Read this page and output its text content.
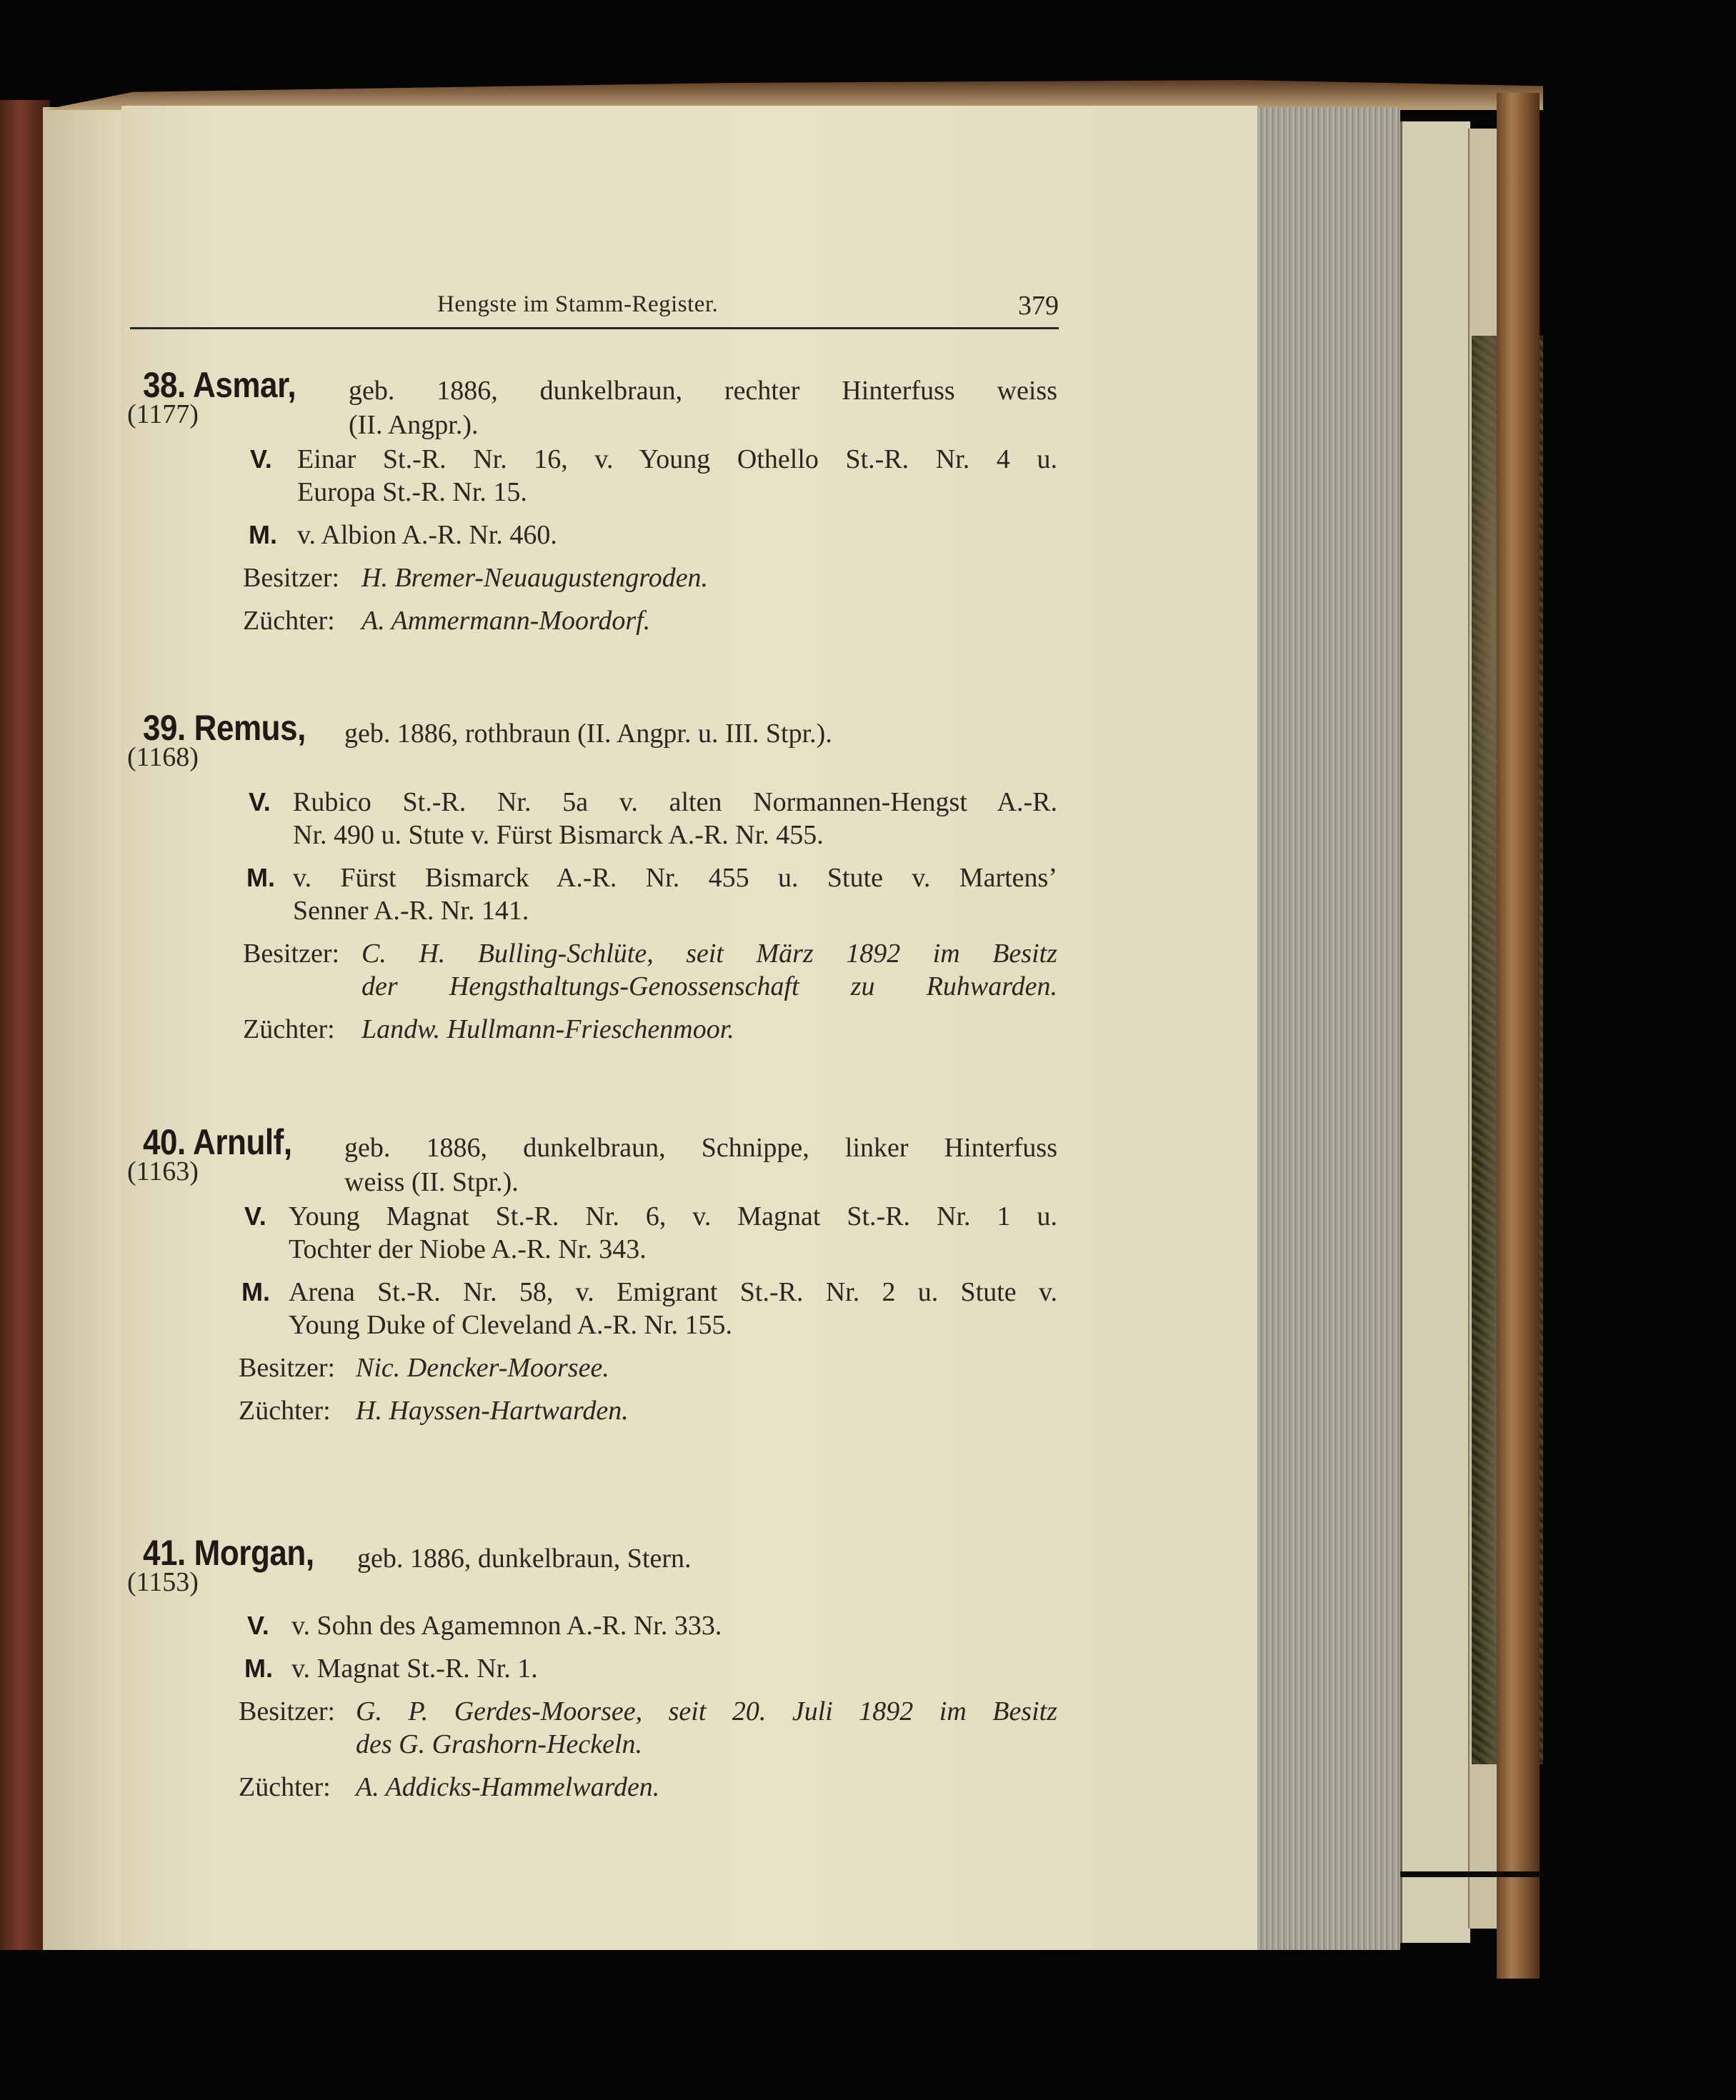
Hengste im Stamm-Register.	379
38. Asmar,
(1177)
geb. 1886, dunkelbraun, rechter Hinterfuss weiss
(II. Angpr.).
V. Einar St.-R. Nr. 16, v. Young Othello St.-R. Nr. 4 u.
Europa St.-R. Nr. 15.
M. v. Albion A.-R. Nr. 460.
Besitzer: H. Bremer-Neuaugustengroden.
Züchter: A. Ammermann-Moordorf.
39. Remus,
(1168)
geb. 1886, rothbraun (II. Angpr. u. III. Stpr.).
V. Rubico St.-R. Nr. 5a v. alten Normannen-Hengst A.-R.
Nr. 490 u. Stute v. Fürst Bismarck A.-R. Nr. 455.
M. v. Fürst Bismarck A.-R. Nr. 455 u. Stute v. Martens’
Senner A.-R. Nr. 141.
Besitzer: C. H. Bulling-Schlüte, seit März 1892 im Besitz
der Hengsthaltungs-Genossenschaft zu Ruhwarden.
Züchter: Landw. Hullmann-Frieschenmoor.
40. Arnulf,
(1163)
geb. 1886, dunkelbraun, Schnippe, linker Hinterfuss
weiss (II. Stpr.).
V. Young Magnat St.-R. Nr. 6, v. Magnat St.-R. Nr. 1 u.
Tochter der Niobe A.-R. Nr. 343.
M. Arena St.-R. Nr. 58, v. Emigrant St.-R. Nr. 2 u. Stute v.
Young Duke of Cleveland A.-R. Nr. 155.
Besitzer: Nic. Dencker-Moorsee.
Züchter: H. Hayssen-Hartwarden.
41. Morgan,
(1153)
geb. 1886, dunkelbraun, Stern.
V. v. Sohn des Agamemnon A.-R. Nr. 333.
M. v. Magnat St.-R. Nr. 1.
Besitzer: G. P. Gerdes-Moorsee, seit 20. Juli 1892 im Besitz
des G. Grashorn-Heckeln.
Züchter: A. Addicks-Hammelwarden.
